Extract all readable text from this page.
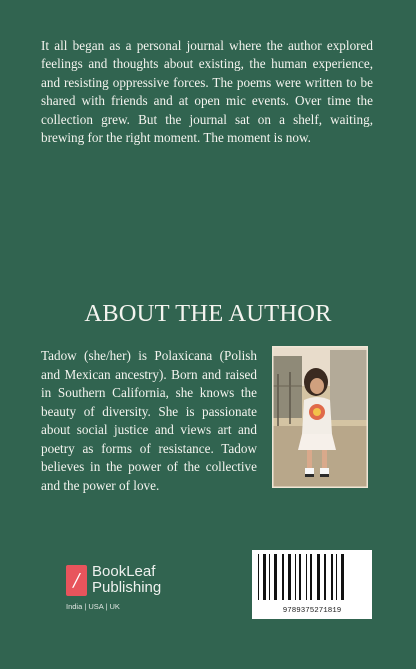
It all began as a personal journal where the author explored feelings and thoughts about existing, the human experience, and resisting oppressive forces. The poems were written to be shared with friends and at open mic events. Over time the collection grew. But the journal sat on a shelf, waiting, brewing for the right moment. The moment is now.

ABOUT THE AUTHOR
Tadow (she/her) is Polaxicana (Polish and Mexican ancestry). Born and raised in Southern California, she knows the beauty of diversity. She is passionate about social justice and views art and poetry as forms of resistance. Tadow believes in the power of the collective and the power of love.
/ BookLeaf
Publishing
India | USA | UK	9789375271819
